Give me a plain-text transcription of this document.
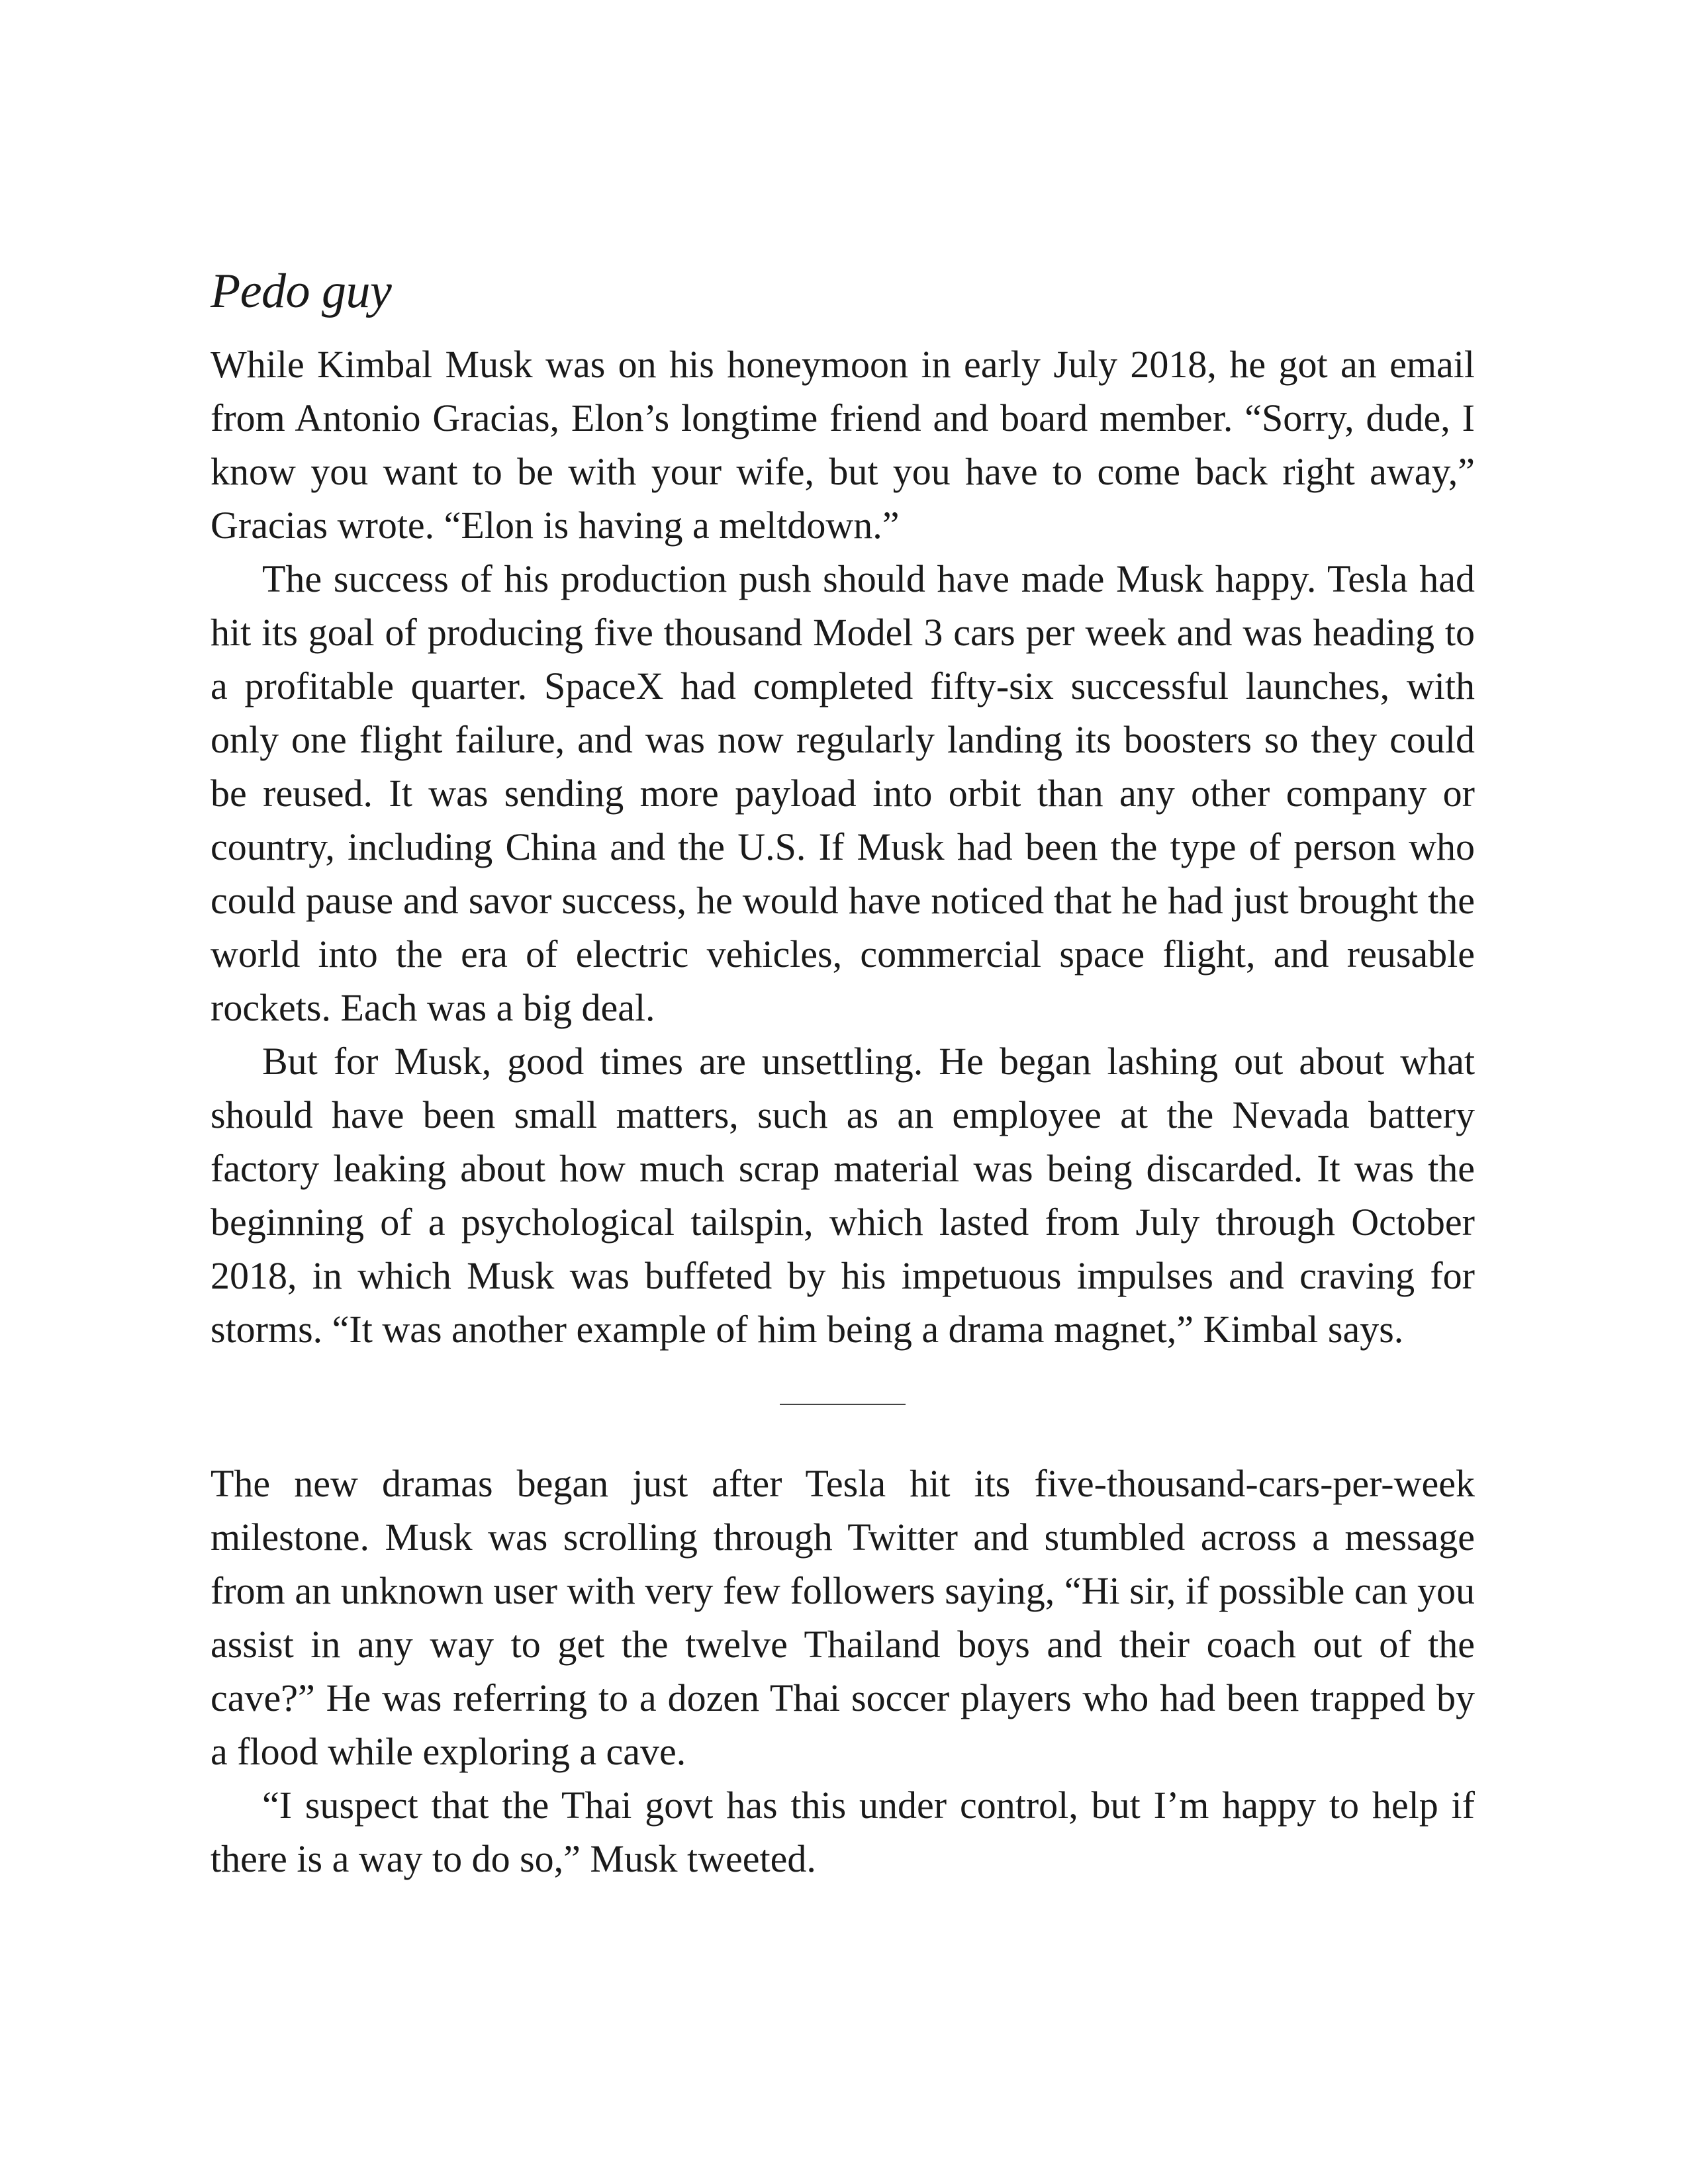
Pedo guy

While Kimbal Musk was on his honeymoon in early July 2018, he got an email from Antonio Gracias, Elon’s longtime friend and board member. “Sorry, dude, I know you want to be with your wife, but you have to come back right away,” Gracias wrote. “Elon is having a meltdown.”

The success of his production push should have made Musk happy. Tesla had hit its goal of producing five thousand Model 3 cars per week and was heading to a profitable quarter. SpaceX had completed fifty-six successful launches, with only one flight failure, and was now regularly landing its boosters so they could be reused. It was sending more payload into orbit than any other company or country, including China and the U.S. If Musk had been the type of person who could pause and savor success, he would have noticed that he had just brought the world into the era of electric vehicles, commercial space flight, and reusable rockets. Each was a big deal.

But for Musk, good times are unsettling. He began lashing out about what should have been small matters, such as an employee at the Nevada battery factory leaking about how much scrap material was being discarded. It was the beginning of a psychological tailspin, which lasted from July through October 2018, in which Musk was buffeted by his impetuous impulses and craving for storms. “It was another example of him being a drama magnet,” Kimbal says.

The new dramas began just after Tesla hit its five-thousand-cars-per-week milestone. Musk was scrolling through Twitter and stumbled across a message from an unknown user with very few followers saying, “Hi sir, if possible can you assist in any way to get the twelve Thailand boys and their coach out of the cave?” He was referring to a dozen Thai soccer players who had been trapped by a flood while exploring a cave.

“I suspect that the Thai govt has this under control, but I’m happy to help if there is a way to do so,” Musk tweeted.
